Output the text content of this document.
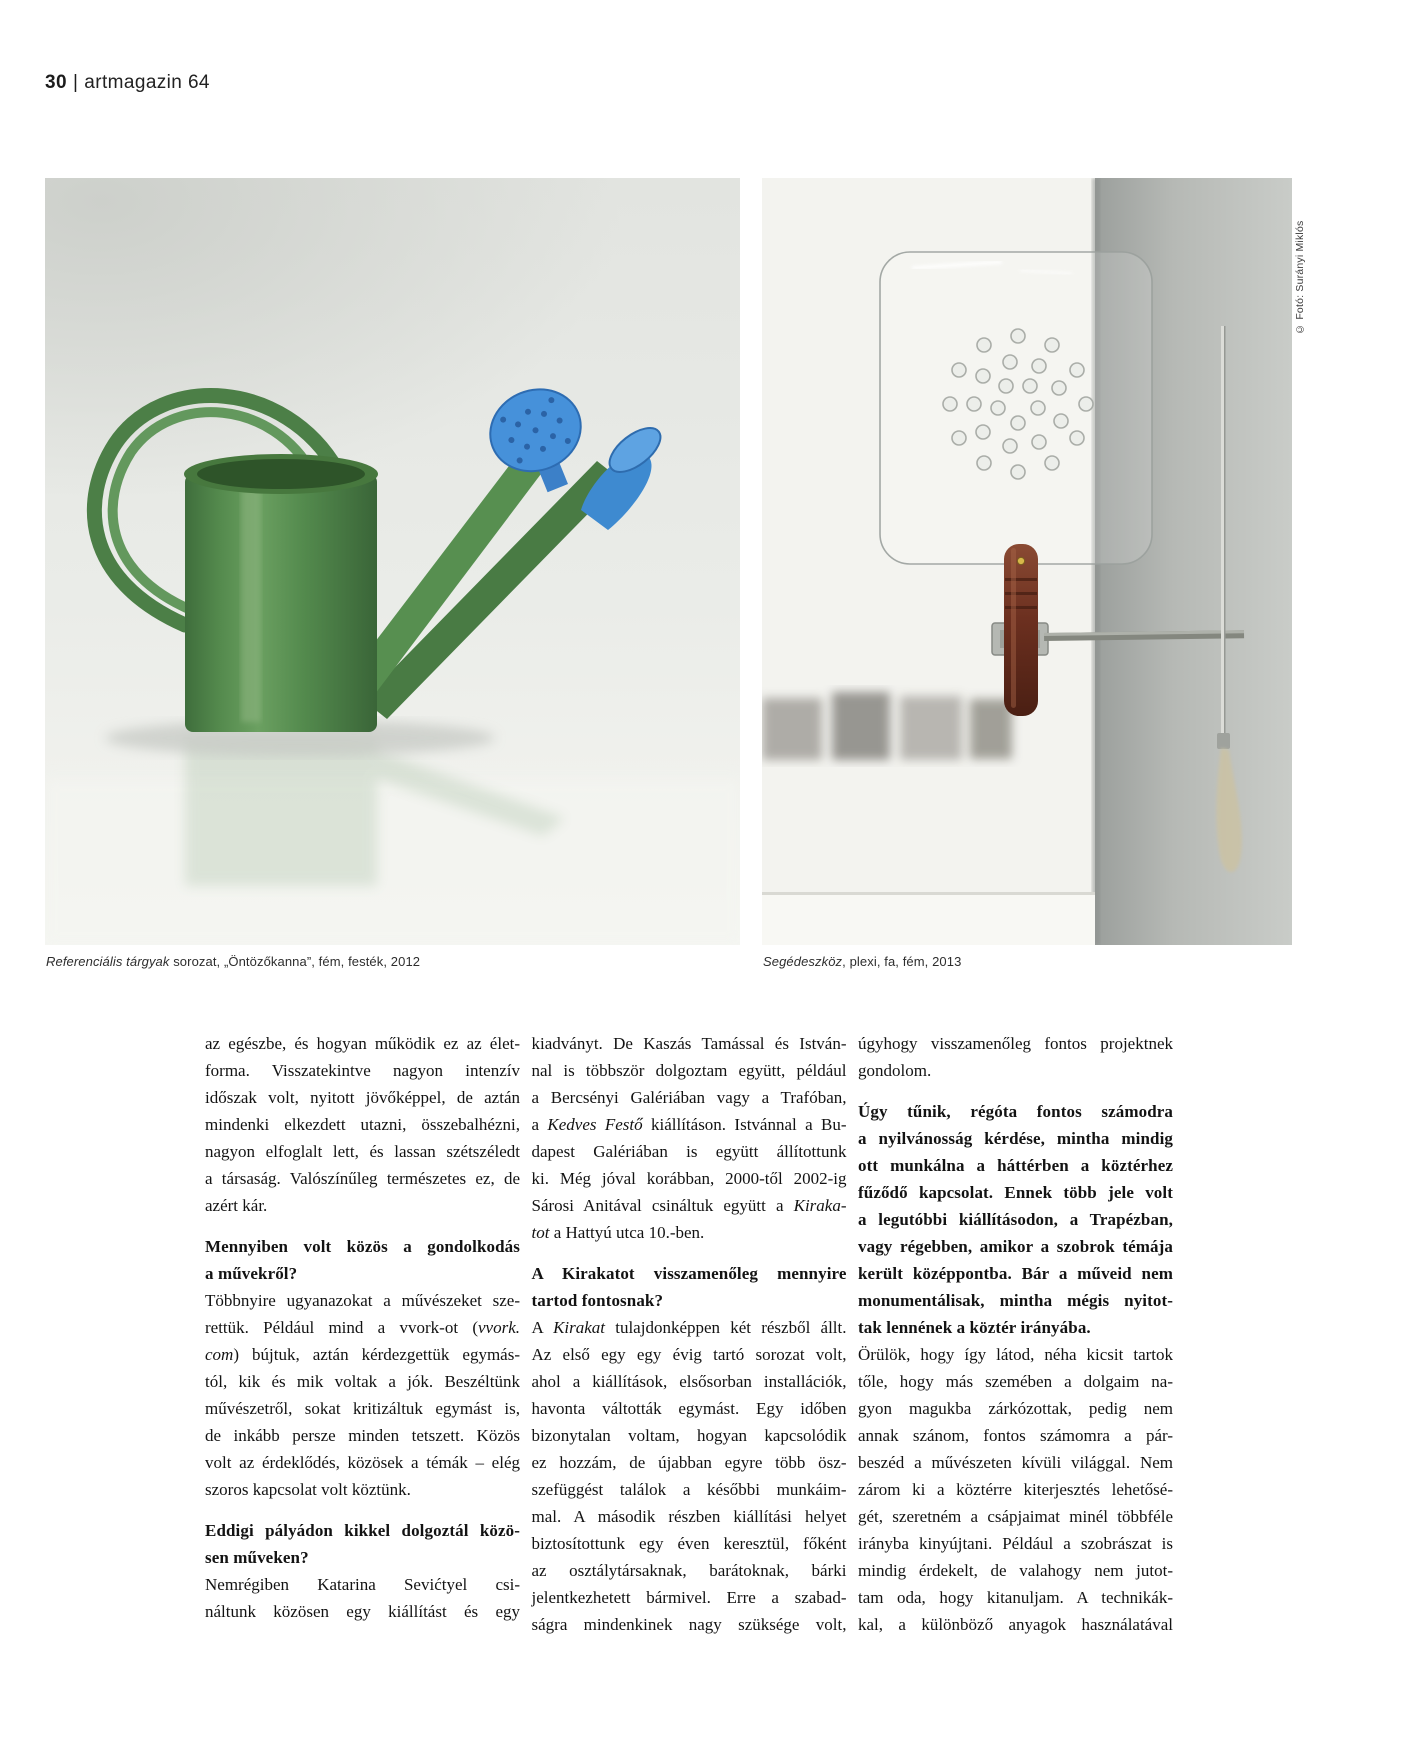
30 | artmagazin 64
© Fotó: Surányi Miklós
Referenciális tárgyak sorozat, „Öntözőkanna”, fém, festék, 2012	Segédeszköz, plexi, fa, fém, 2013
az egészbe, és hogyan működik ez az élet-
forma. Visszatekintve nagyon intenzív
időszak volt, nyitott jövőképpel, de aztán
mindenki elkezdett utazni, összebalhézni,
nagyon elfoglalt lett, és lassan szétszéledt
a társaság. Valószínűleg természetes ez, de
azért kár.
Mennyiben volt közös a gondolkodás
a művekről?
Többnyire ugyanazokat a művészeket sze-
rettük. Például mind a vvork-ot (vvork.
com) bújtuk, aztán kérdezgettük egymás-
tól, kik és mik voltak a jók. Beszéltünk
művészetről, sokat kritizáltuk egymást is,
de inkább persze minden tetszett. Közös
volt az érdeklődés, közösek a témák – elég
szoros kapcsolat volt köztünk.
Eddigi pályádon kikkel dolgoztál közö-
sen műveken?
Nemrégiben Katarina Sevićtyel csi-
náltunk közösen egy kiállítást és egy
kiadványt. De Kaszás Tamással és István-
nal is többször dolgoztam együtt, például
a Bercsényi Galériában vagy a Trafóban,
a Kedves Festő kiállításon. Istvánnal a Bu-
dapest Galériában is együtt állítottunk
ki. Még jóval korábban, 2000-től 2002-ig
Sárosi Anitával csináltuk együtt a Kiraka-
tot a Hattyú utca 10.-ben.
A Kirakatot visszamenőleg mennyire
tartod fontosnak?
A Kirakat tulajdonképpen két részből állt.
Az első egy egy évig tartó sorozat volt,
ahol a kiállítások, elsősorban installációk,
havonta váltották egymást. Egy időben
bizonytalan voltam, hogyan kapcsolódik
ez hozzám, de újabban egyre több ösz-
szefüggést találok a későbbi munkáim-
mal. A második részben kiállítási helyet
biztosítottunk egy éven keresztül, főként
az osztálytársaknak, barátoknak, bárki
jelentkezhetett bármivel. Erre a szabad-
ságra mindenkinek nagy szüksége volt,
úgyhogy visszamenőleg fontos projektnek
gondolom.
Úgy tűnik, régóta fontos számodra
a nyilvánosság kérdése, mintha mindig
ott munkálna a háttérben a köztérhez
fűződő kapcsolat. Ennek több jele volt
a legutóbbi kiállításodon, a Trapézban,
vagy régebben, amikor a szobrok témája
került középpontba. Bár a műveid nem
monumentálisak, mintha mégis nyitot-
tak lennének a köztér irányába.
Örülök, hogy így látod, néha kicsit tartok
tőle, hogy más szemében a dolgaim na-
gyon magukba zárkózottak, pedig nem
annak szánom, fontos számomra a pár-
beszéd a művészeten kívüli világgal. Nem
zárom ki a köztérre kiterjesztés lehetősé-
gét, szeretném a csápjaimat minél többféle
irányba kinyújtani. Például a szobrászat is
mindig érdekelt, de valahogy nem jutot-
tam oda, hogy kitanuljam. A technikák-
kal, a különböző anyagok használatával
